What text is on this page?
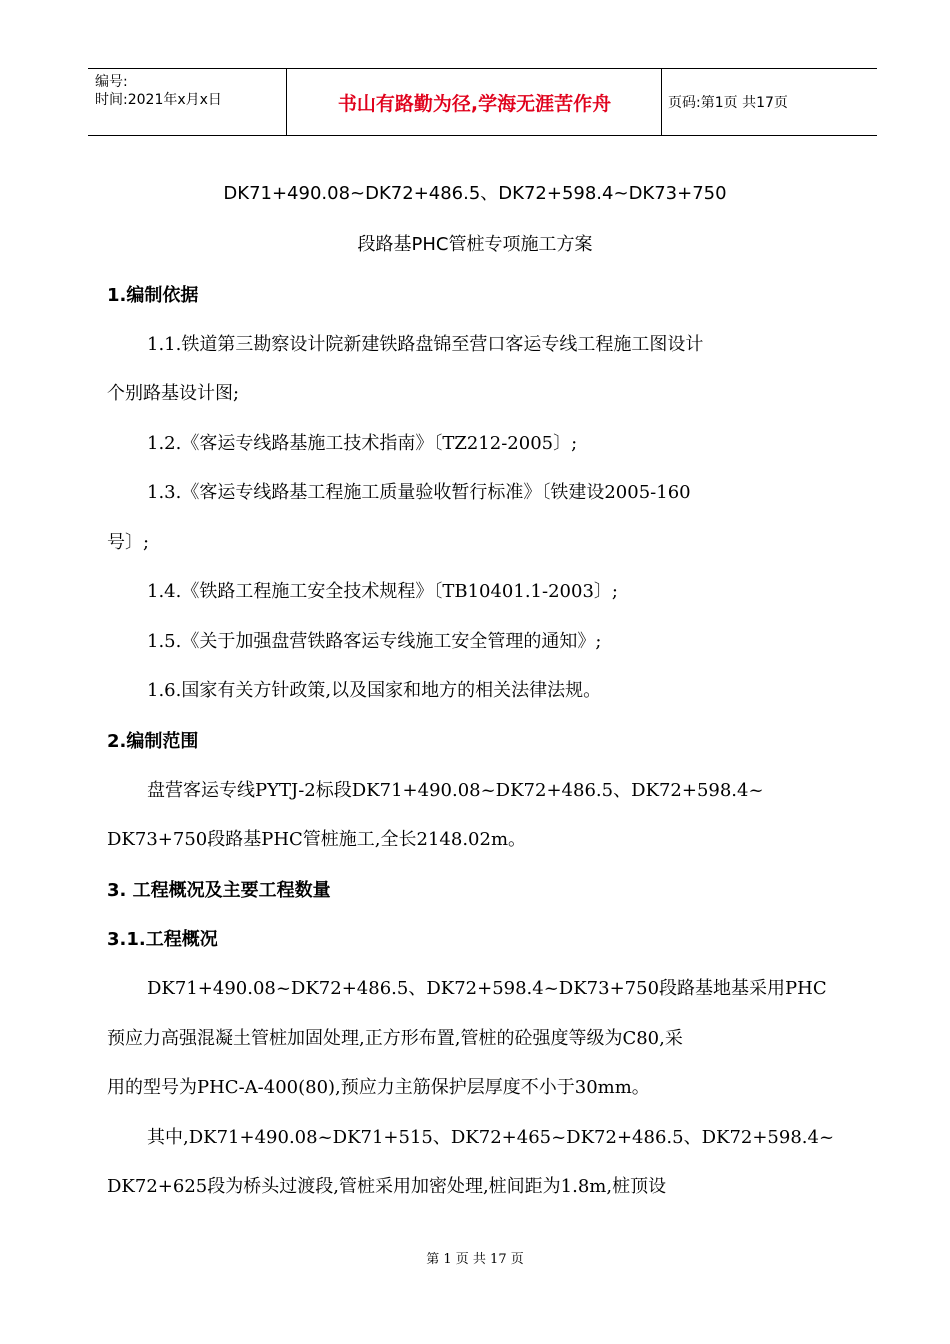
编号:
时间:2021年x月x日	书山有路勤为径,学海无涯苦作舟	页码:第1页 共17页
DK71+490.08~DK72+486.5、DK72+598.4~DK73+750
段路基PHC管桩专项施工方案
1.编制依据
1.1.铁道第三勘察设计院新建铁路盘锦至营口客运专线工程施工图设计
个别路基设计图;
1.2.《客运专线路基施工技术指南》〔TZ212-2005〕;
1.3.《客运专线路基工程施工质量验收暂行标准》〔铁建设2005-160
号〕;
1.4.《铁路工程施工安全技术规程》〔TB10401.1-2003〕;
1.5.《关于加强盘营铁路客运专线施工安全管理的通知》;
1.6.国家有关方针政策,以及国家和地方的相关法律法规。
2.编制范围
盘营客运专线PYTJ-2标段DK71+490.08~DK72+486.5、DK72+598.4~
DK73+750段路基PHC管桩施工,全长2148.02m。
3. 工程概况及主要工程数量
3.1.工程概况
DK71+490.08~DK72+486.5、DK72+598.4~DK73+750段路基地基采用PHC
预应力高强混凝土管桩加固处理,正方形布置,管桩的砼强度等级为C80,采
用的型号为PHC-A-400(80),预应力主筋保护层厚度不小于30mm。
其中,DK71+490.08~DK71+515、DK72+465~DK72+486.5、DK72+598.4~
DK72+625段为桥头过渡段,管桩采用加密处理,桩间距为1.8m,桩顶设
第 1 页 共 17 页
